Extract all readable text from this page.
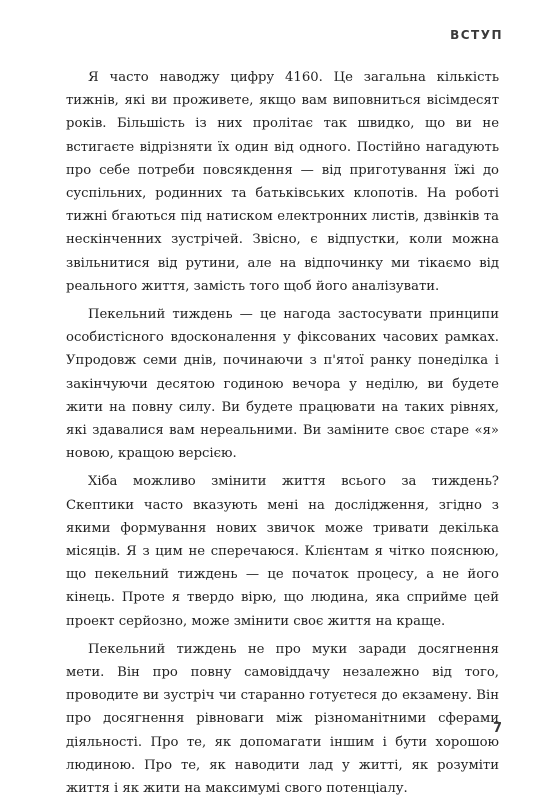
ВСТУП

Я часто наводжу цифру 4160. Це загальна кількість тижнів, які ви проживете, якщо вам виповниться вісімдесят років. Більшість із них пролітає так швидко, що ви не встигаєте відрізняти їх один від одного. Постійно нагадують про себе потреби повсякдення — від приготування їжі до суспільних, родинних та батьківських клопотів. На роботі тижні бгаються під натиском електронних листів, дзвінків та нескінченних зустрічей. Звісно, є відпустки, коли можна звільнитися від рутини, але на відпочинку ми тікаємо від реального життя, замість того щоб його аналізувати.

Пекельний тиждень — це нагода застосувати принципи особистісного вдосконалення у фіксованих часових рамках. Упродовж семи днів, починаючи з п'ятої ранку понеділка і закінчуючи десятою годиною вечора у неділю, ви будете жити на повну силу. Ви будете працювати на таких рівнях, які здавалися вам нереальними. Ви заміните своє старе «я» новою, кращою версією.

Хіба можливо змінити життя всього за тиждень? Скептики часто вказують мені на дослідження, згідно з якими формування нових звичок може тривати декілька місяців. Я з цим не сперечаюся. Клієнтам я чітко пояснюю, що пекельний тиждень — це початок процесу, а не його кінець. Проте я твердо вірю, що людина, яка сприйме цей проект серйозно, може змінити своє життя на краще.

Пекельний тиждень не про муки заради досягнення мети. Він про повну самовіддачу незалежно від того, проводите ви зустріч чи старанно готуєтеся до екзамену. Він про досягнення рівноваги між різноманітними сферами діяльності. Про те, як допомагати іншим і бути хорошою людиною. Про те, як наводити лад у житті, як розуміти життя і як жити на максимумі свого потенціалу.

7
